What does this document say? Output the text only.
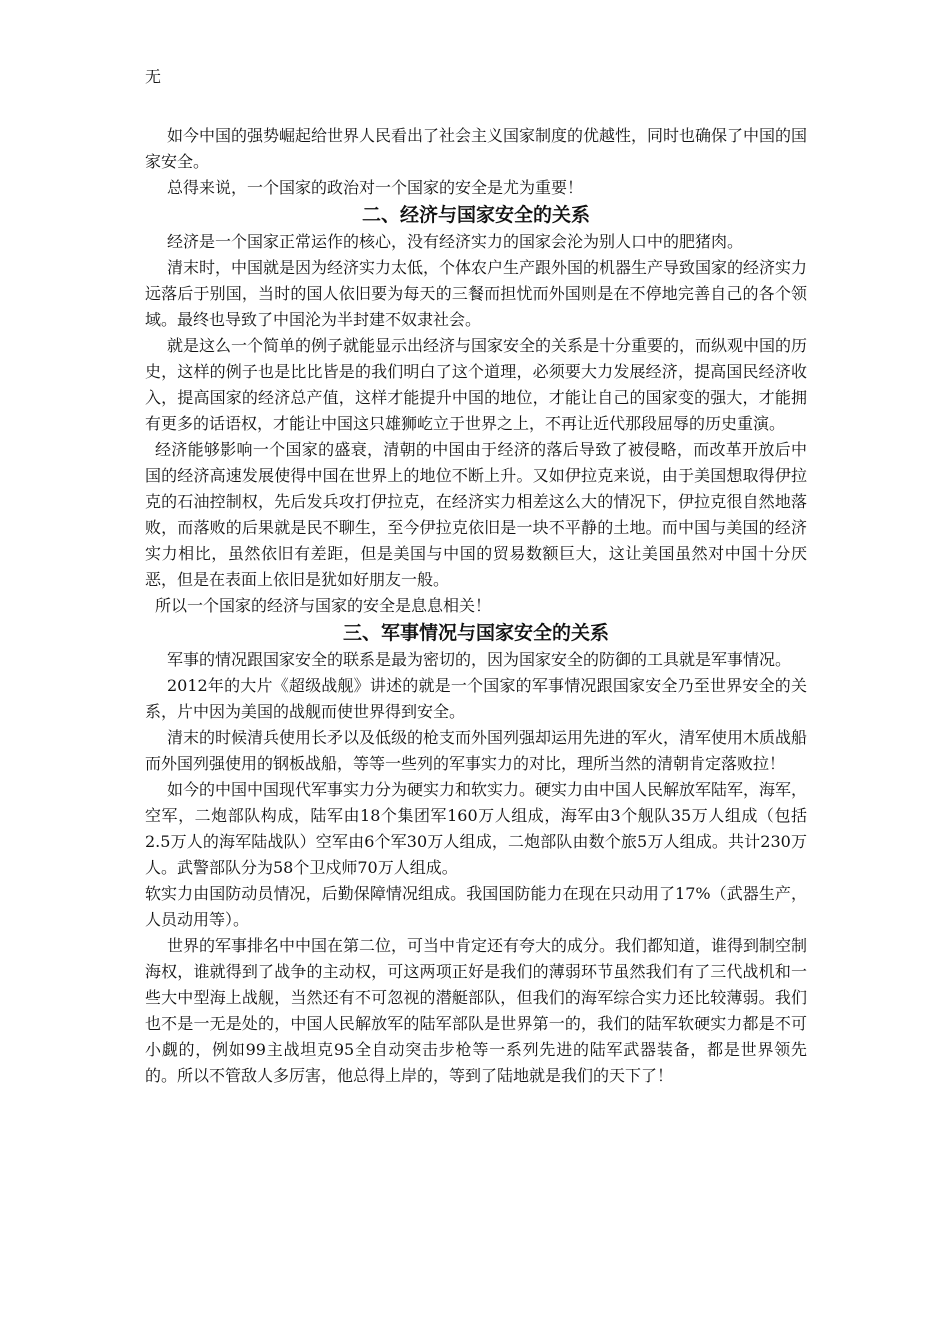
无

如今中国的强势崛起给世界人民看出了社会主义国家制度的优越性，同时也确保了中国的国家安全。

总得来说，一个国家的政治对一个国家的安全是尤为重要！

二、经济与国家安全的关系

经济是一个国家正常运作的核心，没有经济实力的国家会沦为别人口中的肥猪肉。

清末时，中国就是因为经济实力太低，个体农户生产跟外国的机器生产导致国家的经济实力远落后于别国，当时的国人依旧要为每天的三餐而担忧而外国则是在不停地完善自己的各个领域。最终也导致了中国沦为半封建不奴隶社会。

就是这么一个简单的例子就能显示出经济与国家安全的关系是十分重要的，而纵观中国的历史，这样的例子也是比比皆是的我们明白了这个道理，必须要大力发展经济，提高国民经济收入，提高国家的经济总产值，这样才能提升中国的地位，才能让自己的国家变的强大，才能拥有更多的话语权，才能让中国这只雄狮屹立于世界之上，不再让近代那段屈辱的历史重演。

经济能够影响一个国家的盛衰，清朝的中国由于经济的落后导致了被侵略，而改革开放后中国的经济高速发展使得中国在世界上的地位不断上升。又如伊拉克来说，由于美国想取得伊拉克的石油控制权，先后发兵攻打伊拉克，在经济实力相差这么大的情况下，伊拉克很自然地落败，而落败的后果就是民不聊生，至今伊拉克依旧是一块不平静的土地。而中国与美国的经济实力相比，虽然依旧有差距，但是美国与中国的贸易数额巨大，这让美国虽然对中国十分厌恶，但是在表面上依旧是犹如好朋友一般。

所以一个国家的经济与国家的安全是息息相关！

三、军事情况与国家安全的关系

军事的情况跟国家安全的联系是最为密切的，因为国家安全的防御的工具就是军事情况。

2012年的大片《超级战舰》讲述的就是一个国家的军事情况跟国家安全乃至世界安全的关系，片中因为美国的战舰而使世界得到安全。

清末的时候清兵使用长矛以及低级的枪支而外国列强却运用先进的军火，清军使用木质战船而外国列强使用的钢板战船，等等一些列的军事实力的对比，理所当然的清朝肯定落败拉！

如今的中国中国现代军事实力分为硬实力和软实力。硬实力由中国人民解放军陆军，海军，空军，二炮部队构成，陆军由18个集团军160万人组成，海军由3个舰队35万人组成（包括2.5万人的海军陆战队）空军由6个军30万人组成，二炮部队由数个旅5万人组成。共计230万人。武警部队分为58个卫戍师70万人组成。

软实力由国防动员情况，后勤保障情况组成。我国国防能力在现在只动用了17%（武器生产，人员动用等）。

世界的军事排名中中国在第二位，可当中肯定还有夸大的成分。我们都知道，谁得到制空制海权，谁就得到了战争的主动权，可这两项正好是我们的薄弱环节虽然我们有了三代战机和一些大中型海上战舰，当然还有不可忽视的潜艇部队，但我们的海军综合实力还比较薄弱。我们也不是一无是处的，中国人民解放军的陆军部队是世界第一的，我们的陆军软硬实力都是不可小觑的，例如99主战坦克95全自动突击步枪等一系列先进的陆军武器装备，都是世界领先的。所以不管敌人多厉害，他总得上岸的，等到了陆地就是我们的天下了！
